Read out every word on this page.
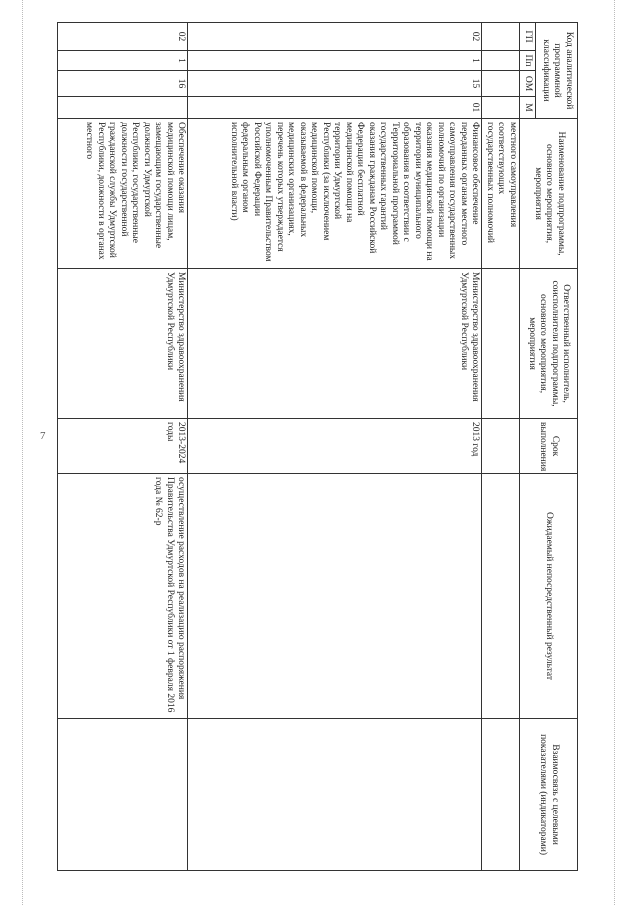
7
Код аналитической программной классификации				Наименование подпрограммы, основного мероприятия, мероприятия	Ответственный исполнитель, соисполнители подпрограммы, основного мероприятия, мероприятия	Срок выполнения	Ожидаемый непосредственный результат	Взаимосвязь с целевыми показателями (индикаторами)
ГП	Пп	ОМ	М					
				местного самоуправления соответствующих государственных полномочий				
02	1	15	01	Финансовое обеспечение переданных органам местного самоуправления государственных полномочий по организации оказания медицинской помощи на территории муниципального образования в соответствии с Территориальной программой государственных гарантий оказания гражданам Российской Федерации бесплатной медицинской помощи на территории Удмуртской Республики (за исключением медицинской помощи, оказываемой в федеральных медицинских организациях, перечень которых утверждается уполномоченным Правительством Российской Федерации федеральным органом исполнительной власти)	Министерство здравоохранения Удмуртской Республики	2013 год		
02	1	16		Обеспечение оказания медицинской помощи лицам, замещающим государственные должности Удмуртской Республики, государственные должности государственной гражданской службы Удмуртской Республики, должности в органах местного	Министерство здравоохранения Удмуртской Республики	2013-2024 годы	осуществление расходов на реализацию распоряжения Правительства Удмуртской Республики от 1 февраля 2016 года № 62-р	
